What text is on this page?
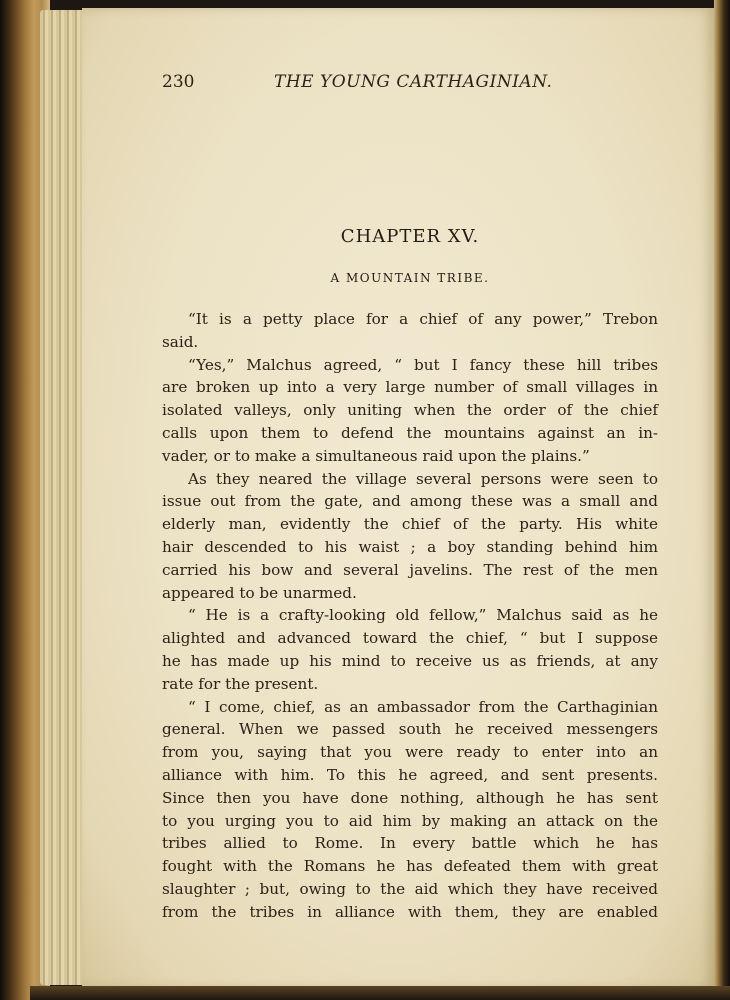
230	THE YOUNG CARTHAGINIAN.
CHAPTER XV.
A MOUNTAIN TRIBE.
“It is a petty place for a chief of any power,” Trebon
said.
“Yes,” Malchus agreed, “ but I fancy these hill tribes
are broken up into a very large number of small villages in
isolated valleys, only uniting when the order of the chief
calls upon them to defend the mountains against an in-
vader, or to make a simultaneous raid upon the plains.”
As they neared the village several persons were seen to
issue out from the gate, and among these was a small and
elderly man, evidently the chief of the party. His white
hair descended to his waist ; a boy standing behind him
carried his bow and several javelins. The rest of the men
appeared to be unarmed.
“ He is a crafty-looking old fellow,” Malchus said as he
alighted and advanced toward the chief, “ but I suppose
he has made up his mind to receive us as friends, at any
rate for the present.
“ I come, chief, as an ambassador from the Carthaginian
general. When we passed south he received messengers
from you, saying that you were ready to enter into an
alliance with him. To this he agreed, and sent presents.
Since then you have done nothing, although he has sent
to you urging you to aid him by making an attack on the
tribes allied to Rome. In every battle which he has
fought with the Romans he has defeated them with great
slaughter ; but, owing to the aid which they have received
from the tribes in alliance with them, they are enabled
